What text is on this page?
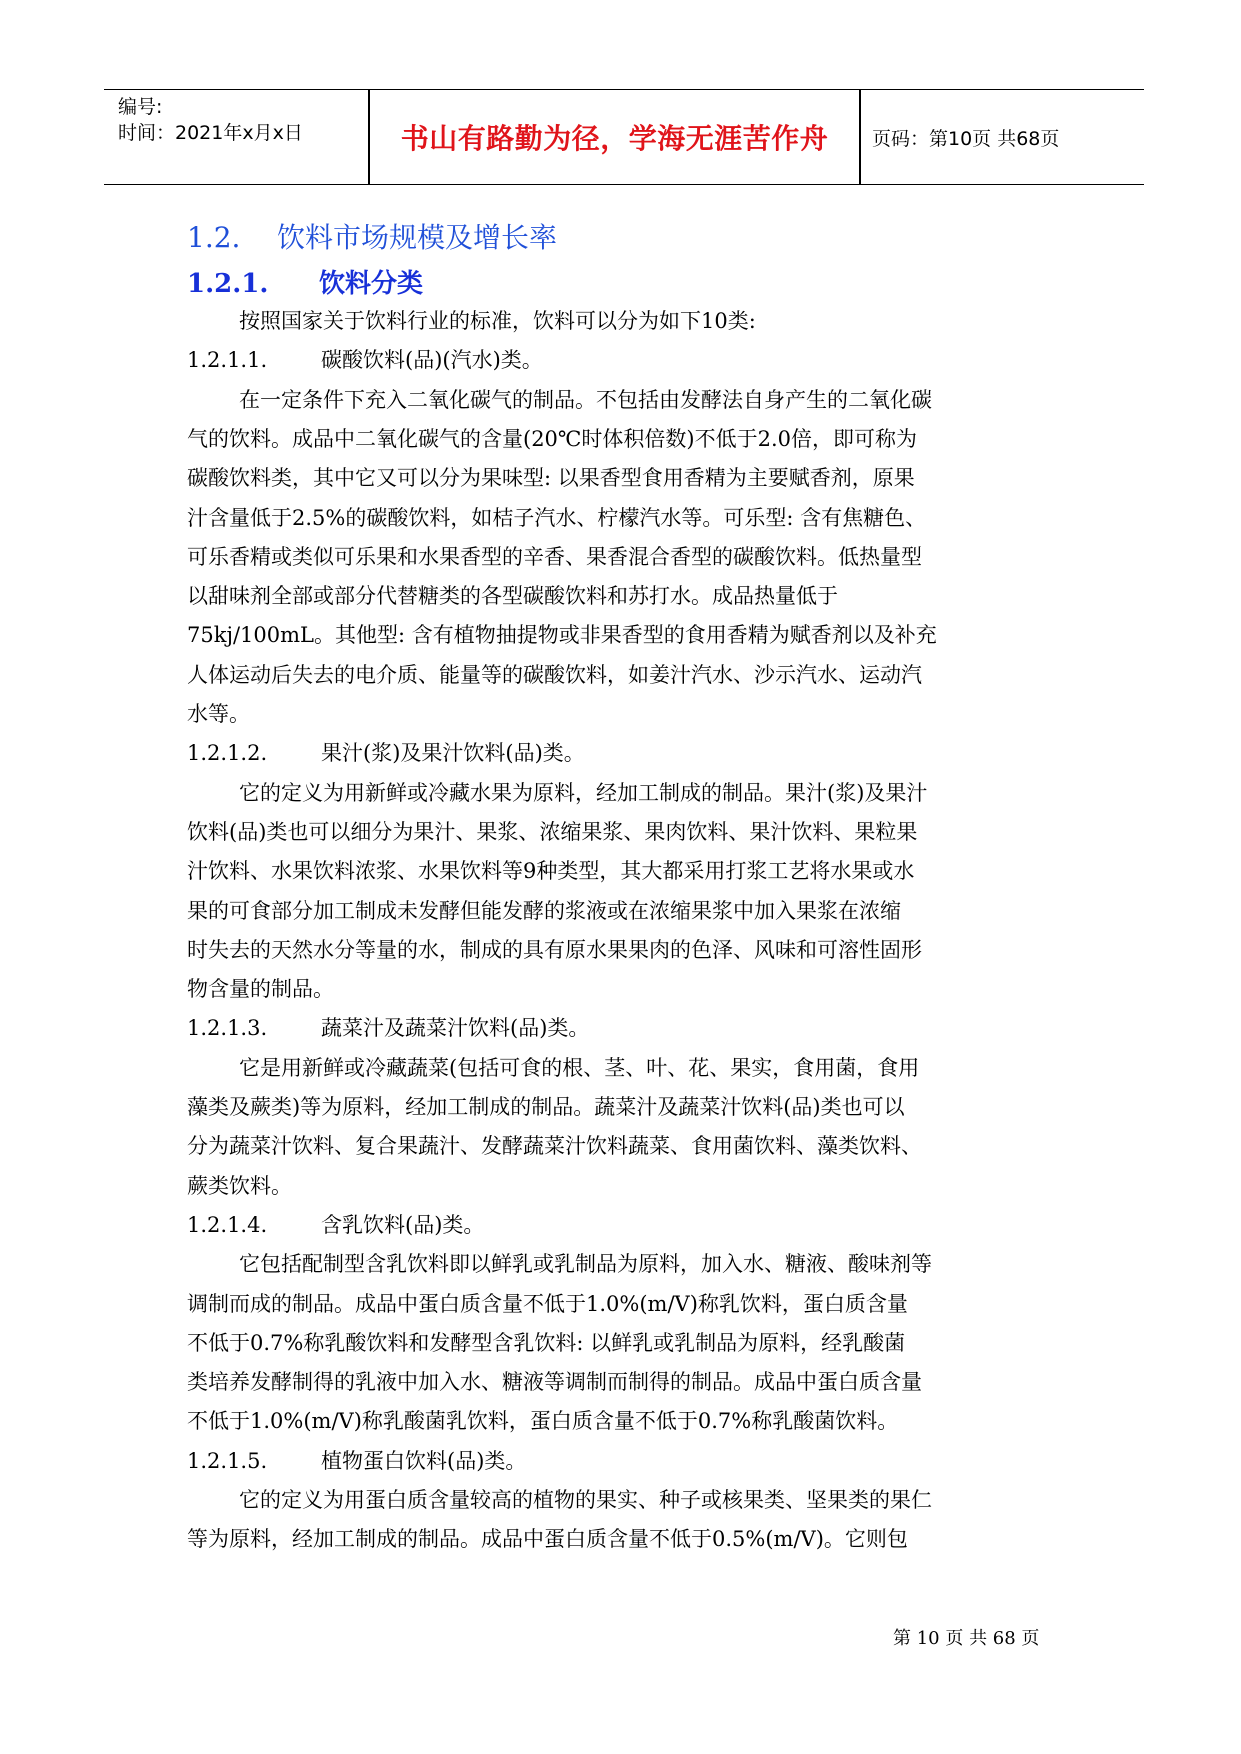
编号:
时间：2021年x月x日	书山有路勤为径，学海无涯苦作舟	页码：第10页 共68页
1.2. 饮料市场规模及增长率
1.2.1. 饮料分类
按照国家关于饮料行业的标准，饮料可以分为如下10类:
1.2.1.1.	碳酸饮料(品)(汽水)类。
在一定条件下充入二氧化碳气的制品。不包括由发酵法自身产生的二氧化碳
气的饮料。成品中二氧化碳气的含量(20℃时体积倍数)不低于2.0倍，即可称为
碳酸饮料类，其中它又可以分为果味型: 以果香型食用香精为主要赋香剂，原果
汁含量低于2.5%的碳酸饮料，如桔子汽水、柠檬汽水等。可乐型: 含有焦糖色、
可乐香精或类似可乐果和水果香型的辛香、果香混合香型的碳酸饮料。低热量型
以甜味剂全部或部分代替糖类的各型碳酸饮料和苏打水。成品热量低于
75kj/100mL。其他型: 含有植物抽提物或非果香型的食用香精为赋香剂以及补充
人体运动后失去的电介质、能量等的碳酸饮料，如姜汁汽水、沙示汽水、运动汽
水等。
1.2.1.2.	果汁(浆)及果汁饮料(品)类。
它的定义为用新鲜或冷藏水果为原料，经加工制成的制品。果汁(浆)及果汁
饮料(品)类也可以细分为果汁、果浆、浓缩果浆、果肉饮料、果汁饮料、果粒果
汁饮料、水果饮料浓浆、水果饮料等9种类型，其大都采用打浆工艺将水果或水
果的可食部分加工制成未发酵但能发酵的浆液或在浓缩果浆中加入果浆在浓缩
时失去的天然水分等量的水，制成的具有原水果果肉的色泽、风味和可溶性固形
物含量的制品。
1.2.1.3.	蔬菜汁及蔬菜汁饮料(品)类。
它是用新鲜或冷藏蔬菜(包括可食的根、茎、叶、花、果实，食用菌，食用
藻类及蕨类)等为原料，经加工制成的制品。蔬菜汁及蔬菜汁饮料(品)类也可以
分为蔬菜汁饮料、复合果蔬汁、发酵蔬菜汁饮料蔬菜、食用菌饮料、藻类饮料、
蕨类饮料。
1.2.1.4.	含乳饮料(品)类。
它包括配制型含乳饮料即以鲜乳或乳制品为原料，加入水、糖液、酸味剂等
调制而成的制品。成品中蛋白质含量不低于1.0%(m/V)称乳饮料，蛋白质含量
不低于0.7%称乳酸饮料和发酵型含乳饮料: 以鲜乳或乳制品为原料，经乳酸菌
类培养发酵制得的乳液中加入水、糖液等调制而制得的制品。成品中蛋白质含量
不低于1.0%(m/V)称乳酸菌乳饮料，蛋白质含量不低于0.7%称乳酸菌饮料。
1.2.1.5.	植物蛋白饮料(品)类。
它的定义为用蛋白质含量较高的植物的果实、种子或核果类、坚果类的果仁
等为原料，经加工制成的制品。成品中蛋白质含量不低于0.5%(m/V)。它则包
第 10 页 共 68 页
